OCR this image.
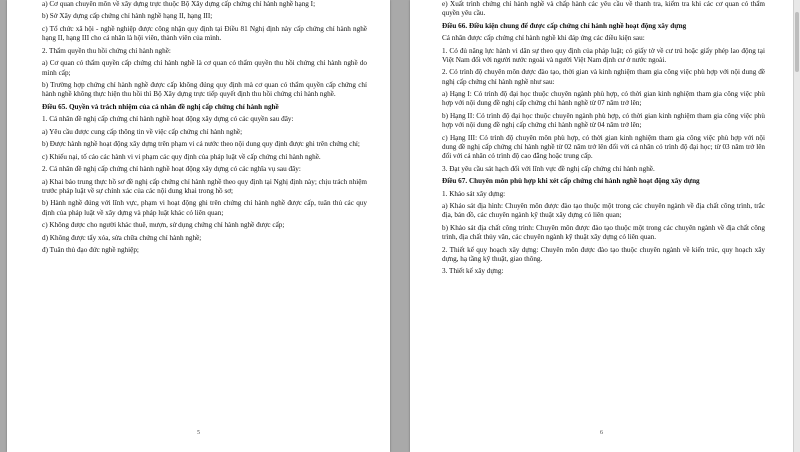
a) Cơ quan chuyên môn về xây dựng trực thuộc Bộ Xây dựng cấp chứng chỉ hành nghề hạng I;

b) Sở Xây dựng cấp chứng chỉ hành nghề hạng II, hạng III;

c) Tổ chức xã hội - nghề nghiệp được công nhận quy định tại Điều 81 Nghị định này cấp chứng chỉ hành nghề hạng II, hạng III cho cá nhân là hội viên, thành viên của mình.

2. Thẩm quyền thu hồi chứng chỉ hành nghề:

a) Cơ quan có thẩm quyền cấp chứng chỉ hành nghề là cơ quan có thẩm quyền thu hồi chứng chỉ hành nghề do mình cấp;

b) Trường hợp chứng chỉ hành nghề được cấp không đúng quy định mà cơ quan có thẩm quyền cấp chứng chỉ hành nghề không thực hiện thu hồi thì Bộ Xây dựng trực tiếp quyết định thu hồi chứng chỉ hành nghề.

Điều 65. Quyền và trách nhiệm của cá nhân đề nghị cấp chứng chỉ hành nghề

1. Cá nhân đề nghị cấp chứng chỉ hành nghề hoạt động xây dựng có các quyền sau đây:

a) Yêu cầu được cung cấp thông tin về việc cấp chứng chỉ hành nghề;

b) Được hành nghề hoạt động xây dựng trên phạm vi cả nước theo nội dung quy định được ghi trên chứng chỉ;

c) Khiếu nại, tố cáo các hành vi vi phạm các quy định của pháp luật về cấp chứng chỉ hành nghề.

2. Cá nhân đề nghị cấp chứng chỉ hành nghề hoạt động xây dựng có các nghĩa vụ sau đây:

a) Khai báo trung thực hồ sơ đề nghị cấp chứng chỉ hành nghề theo quy định tại Nghị định này; chịu trách nhiệm trước pháp luật về sự chính xác của các nội dung khai trong hồ sơ;

b) Hành nghề đúng với lĩnh vực, phạm vi hoạt động ghi trên chứng chỉ hành nghề được cấp, tuân thủ các quy định của pháp luật về xây dựng và pháp luật khác có liên quan;

c) Không được cho người khác thuê, mượn, sử dụng chứng chỉ hành nghề được cấp;

d) Không được tẩy xóa, sửa chữa chứng chỉ hành nghề;

đ) Tuân thủ đạo đức nghề nghiệp;

5

e) Xuất trình chứng chỉ hành nghề và chấp hành các yêu cầu về thanh tra, kiểm tra khi các cơ quan có thẩm quyền yêu cầu.

Điều 66. Điều kiện chung để được cấp chứng chỉ hành nghề hoạt động xây dựng

Cá nhân được cấp chứng chỉ hành nghề khi đáp ứng các điều kiện sau:

1. Có đủ năng lực hành vi dân sự theo quy định của pháp luật; có giấy tờ về cư trú hoặc giấy phép lao động tại Việt Nam đối với người nước ngoài và người Việt Nam định cư ở nước ngoài.

2. Có trình độ chuyên môn được đào tạo, thời gian và kinh nghiệm tham gia công việc phù hợp với nội dung đề nghị cấp chứng chỉ hành nghề như sau:

a) Hạng I: Có trình độ đại học thuộc chuyên ngành phù hợp, có thời gian kinh nghiệm tham gia công việc phù hợp với nội dung đề nghị cấp chứng chỉ hành nghề từ 07 năm trở lên;

b) Hạng II: Có trình độ đại học thuộc chuyên ngành phù hợp, có thời gian kinh nghiệm tham gia công việc phù hợp với nội dung đề nghị cấp chứng chỉ hành nghề từ 04 năm trở lên;

c) Hạng III: Có trình độ chuyên môn phù hợp, có thời gian kinh nghiệm tham gia công việc phù hợp với nội dung đề nghị cấp chứng chỉ hành nghề từ 02 năm trở lên đối với cá nhân có trình độ đại học; từ 03 năm trở lên đối với cá nhân có trình độ cao đẳng hoặc trung cấp.

3. Đạt yêu cầu sát hạch đối với lĩnh vực đề nghị cấp chứng chỉ hành nghề.

Điều 67. Chuyên môn phù hợp khi xét cấp chứng chỉ hành nghề hoạt động xây dựng

1. Khảo sát xây dựng:

a) Khảo sát địa hình: Chuyên môn được đào tạo thuộc một trong các chuyên ngành về địa chất công trình, trắc địa, bản đồ, các chuyên ngành kỹ thuật xây dựng có liên quan;

b) Khảo sát địa chất công trình: Chuyên môn được đào tạo thuộc một trong các chuyên ngành về địa chất công trình, địa chất thủy văn, các chuyên ngành kỹ thuật xây dựng có liên quan.

2. Thiết kế quy hoạch xây dựng: Chuyên môn được đào tạo thuộc chuyên ngành về kiến trúc, quy hoạch xây dựng, hạ tầng kỹ thuật, giao thông.

3. Thiết kế xây dựng:

6
